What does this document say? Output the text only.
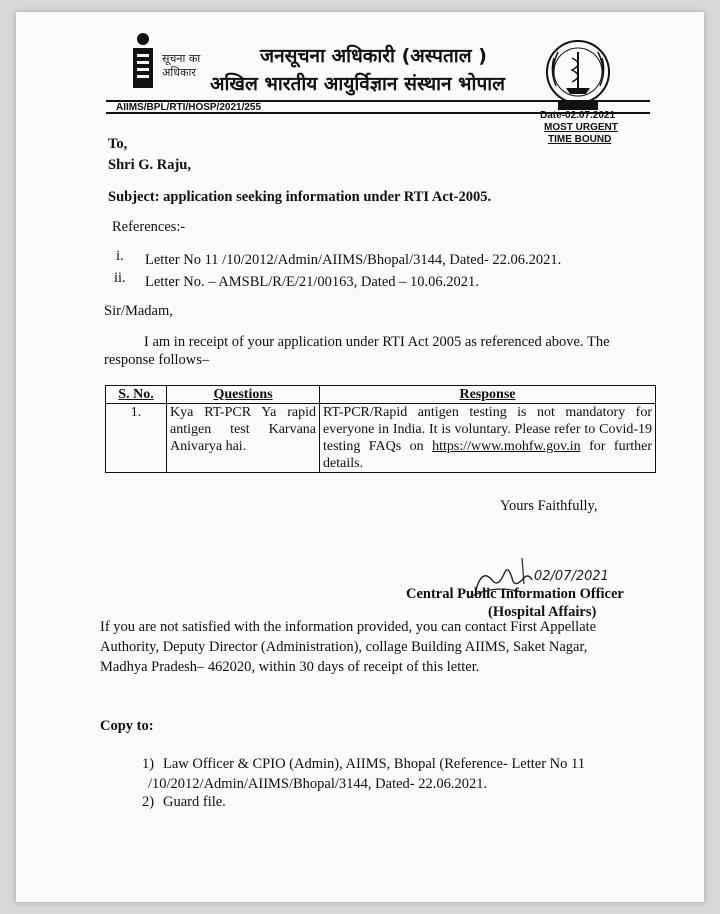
सूचना का
अधिकार
जनसूचना अधिकारी (अस्पताल )
अखिल भारतीय आयुर्विज्ञान संस्थान भोपाल
AIIMS/BPL/RTI/HOSP/2021/255
Date-02.07.2021
MOST URGENT
TIME BOUND
To,
Shri G. Raju,
Subject: application seeking information under RTI Act-2005.
References:-
i. Letter No 11 /10/2012/Admin/AIIMS/Bhopal/3144, Dated- 22.06.2021.
ii. Letter No. – AMSBL/R/E/21/00163, Dated – 10.06.2021.
Sir/Madam,
I am in receipt of your application under RTI Act 2005 as referenced above. The
response follows–
S. No.	Questions	Response
1.	Kya RT-PCR Ya rapid antigen test Karvana Anivarya hai.	RT-PCR/Rapid antigen testing is not mandatory for everyone in India. It is voluntary. Please refer to Covid-19 testing FAQs on https://www.mohfw.gov.in for further details.
Yours Faithfully,
02/07/2021
Central Public Information Officer
(Hospital Affairs)
If you are not satisfied with the information provided, you can contact First Appellate
Authority, Deputy Director (Administration), collage Building AIIMS, Saket Nagar,
Madhya Pradesh– 462020, within 30 days of receipt of this letter.
Copy to:
1) Law Officer & CPIO (Admin), AIIMS, Bhopal (Reference- Letter No 11
/10/2012/Admin/AIIMS/Bhopal/3144, Dated- 22.06.2021.
2) Guard file.
